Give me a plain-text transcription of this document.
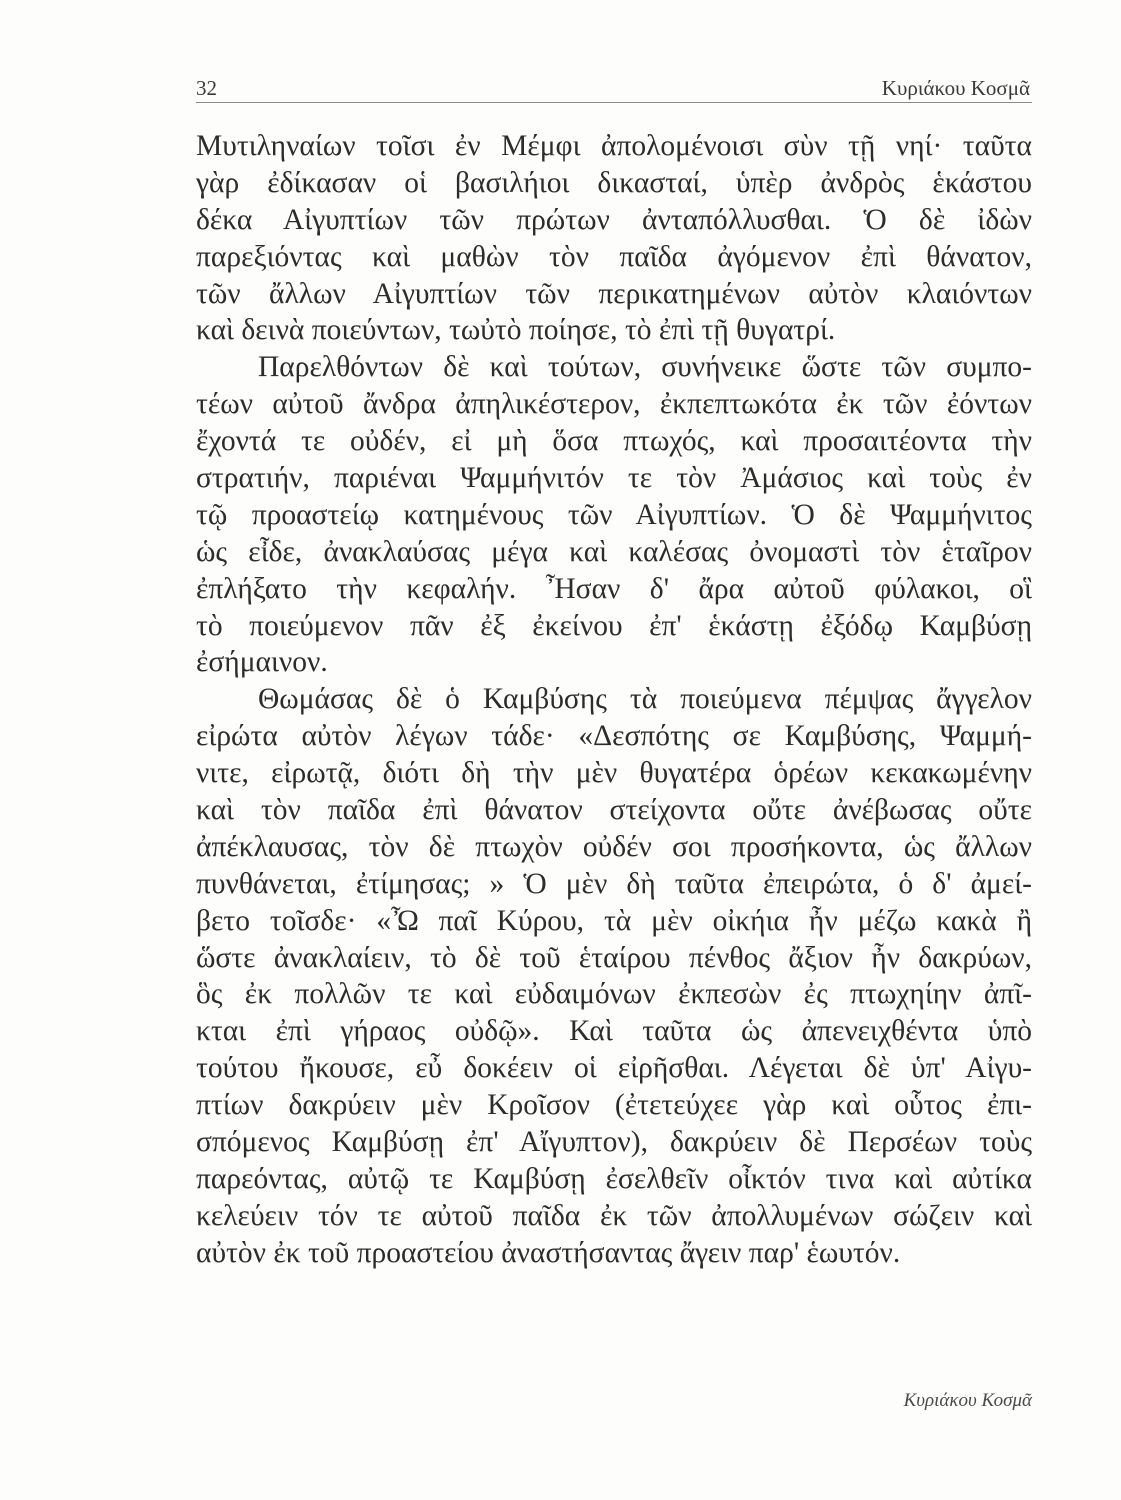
32	Κυριάκου Κοσμᾶ
Μυτιληναίων τοῖσι ἐν Μέμφι ἀπολομένοισι σὺν τῇ νηί· ταῦτα
γὰρ ἐδίκασαν οἱ βασιλήιοι δικασταί, ὑπὲρ ἀνδρὸς ἑκάστου
δέκα Αἰγυπτίων τῶν πρώτων ἀνταπόλλυσθαι. Ὁ δὲ ἰδὼν
παρεξιόντας καὶ μαθὼν τὸν παῖδα ἀγόμενον ἐπὶ θάνατον,
τῶν ἄλλων Αἰγυπτίων τῶν περικατημένων αὐτὸν κλαιόντων
καὶ δεινὰ ποιεύντων, τωὐτὸ ποίησε, τὸ ἐπὶ τῇ θυγατρί.
Παρελθόντων δὲ καὶ τούτων, συνήνεικε ὥστε τῶν συμπο-
τέων αὐτοῦ ἄνδρα ἀπηλικέστερον, ἐκπεπτωκότα ἐκ τῶν ἐόντων
ἔχοντά τε οὐδέν, εἰ μὴ ὅσα πτωχός, καὶ προσαιτέοντα τὴν
στρατιήν, παριέναι Ψαμμήνιτόν τε τὸν Ἀμάσιος καὶ τοὺς ἐν
τῷ προαστείῳ κατημένους τῶν Αἰγυπτίων. Ὁ δὲ Ψαμμήνιτος
ὡς εἶδε, ἀνακλαύσας μέγα καὶ καλέσας ὀνομαστὶ τὸν ἑταῖρον
ἐπλήξατο τὴν κεφαλήν. Ἦσαν δ' ἄρα αὐτοῦ φύλακοι, οἳ
τὸ ποιεύμενον πᾶν ἐξ ἐκείνου ἐπ' ἑκάστῃ ἐξόδῳ Καμβύσῃ
ἐσήμαινον.
Θωμάσας δὲ ὁ Καμβύσης τὰ ποιεύμενα πέμψας ἄγγελον
εἰρώτα αὐτὸν λέγων τάδε· «Δεσπότης σε Καμβύσης, Ψαμμή-
νιτε, εἰρωτᾷ, διότι δὴ τὴν μὲν θυγατέρα ὁρέων κεκακωμένην
καὶ τὸν παῖδα ἐπὶ θάνατον στείχοντα οὔτε ἀνέβωσας οὔτε
ἀπέκλαυσας, τὸν δὲ πτωχὸν οὐδέν σοι προσήκοντα, ὡς ἄλλων
πυνθάνεται, ἐτίμησας; » Ὁ μὲν δὴ ταῦτα ἐπειρώτα, ὁ δ' ἀμεί-
βετο τοῖσδε· «Ὦ παῖ Κύρου, τὰ μὲν οἰκήια ἦν μέζω κακὰ ἢ
ὥστε ἀνακλαίειν, τὸ δὲ τοῦ ἑταίρου πένθος ἄξιον ἦν δακρύων,
ὃς ἐκ πολλῶν τε καὶ εὐδαιμόνων ἐκπεσὼν ἐς πτωχηίην ἀπῖ-
κται ἐπὶ γήραος οὐδῷ». Καὶ ταῦτα ὡς ἀπενειχθέντα ὑπὸ
τούτου ἤκουσε, εὖ δοκέειν οἱ εἰρῆσθαι. Λέγεται δὲ ὑπ' Αἰγυ-
πτίων δακρύειν μὲν Κροῖσον (ἐτετεύχεε γὰρ καὶ οὗτος ἐπι-
σπόμενος Καμβύσῃ ἐπ' Αἴγυπτον), δακρύειν δὲ Περσέων τοὺς
παρεόντας, αὐτῷ τε Καμβύσῃ ἐσελθεῖν οἶκτόν τινα καὶ αὐτίκα
κελεύειν τόν τε αὐτοῦ παῖδα ἐκ τῶν ἀπολλυμένων σώζειν καὶ
αὐτὸν ἐκ τοῦ προαστείου ἀναστήσαντας ἄγειν παρ' ἑωυτόν.
Κυριάκου Κοσμᾶ
